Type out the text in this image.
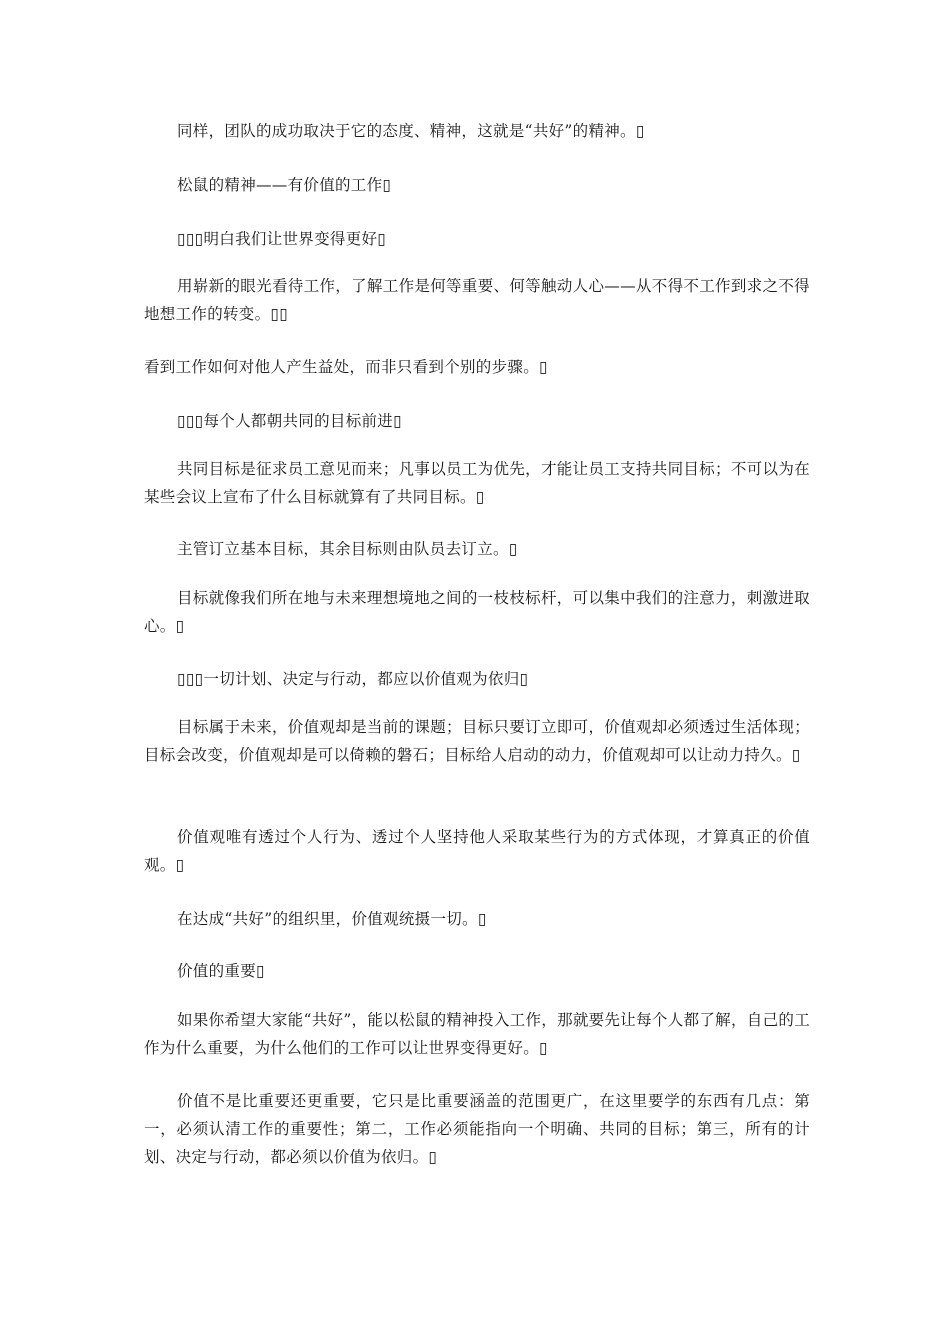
同样，团队的成功取决于它的态度、精神，这就是“共好”的精神。▯

松鼠的精神——有价值的工作▯

▯▯▯明白我们让世界变得更好▯

用崭新的眼光看待工作，了解工作是何等重要、何等触动人心——从不得不工作到求之不得地想工作的转变。▯▯

看到工作如何对他人产生益处，而非只看到个别的步骤。▯

▯▯▯每个人都朝共同的目标前进▯

共同目标是征求员工意见而来；凡事以员工为优先，才能让员工支持共同目标；不可以为在某些会议上宣布了什么目标就算有了共同目标。▯

主管订立基本目标，其余目标则由队员去订立。▯

目标就像我们所在地与未来理想境地之间的一枝枝标杆，可以集中我们的注意力，刺激进取心。▯

▯▯▯一切计划、决定与行动，都应以价值观为依归▯

目标属于未来，价值观却是当前的课题；目标只要订立即可，价值观却必须透过生活体现；目标会改变，价值观却是可以倚赖的磐石；目标给人启动的动力，价值观却可以让动力持久。▯

价值观唯有透过个人行为、透过个人坚持他人采取某些行为的方式体现，才算真正的价值观。▯

在达成“共好”的组织里，价值观统摄一切。▯

价值的重要▯

如果你希望大家能“共好”，能以松鼠的精神投入工作，那就要先让每个人都了解，自己的工作为什么重要，为什么他们的工作可以让世界变得更好。▯

价值不是比重要还更重要，它只是比重要涵盖的范围更广，在这里要学的东西有几点：第一，必须认清工作的重要性；第二，工作必须能指向一个明确、共同的目标；第三，所有的计划、决定与行动，都必须以价值为依归。▯
